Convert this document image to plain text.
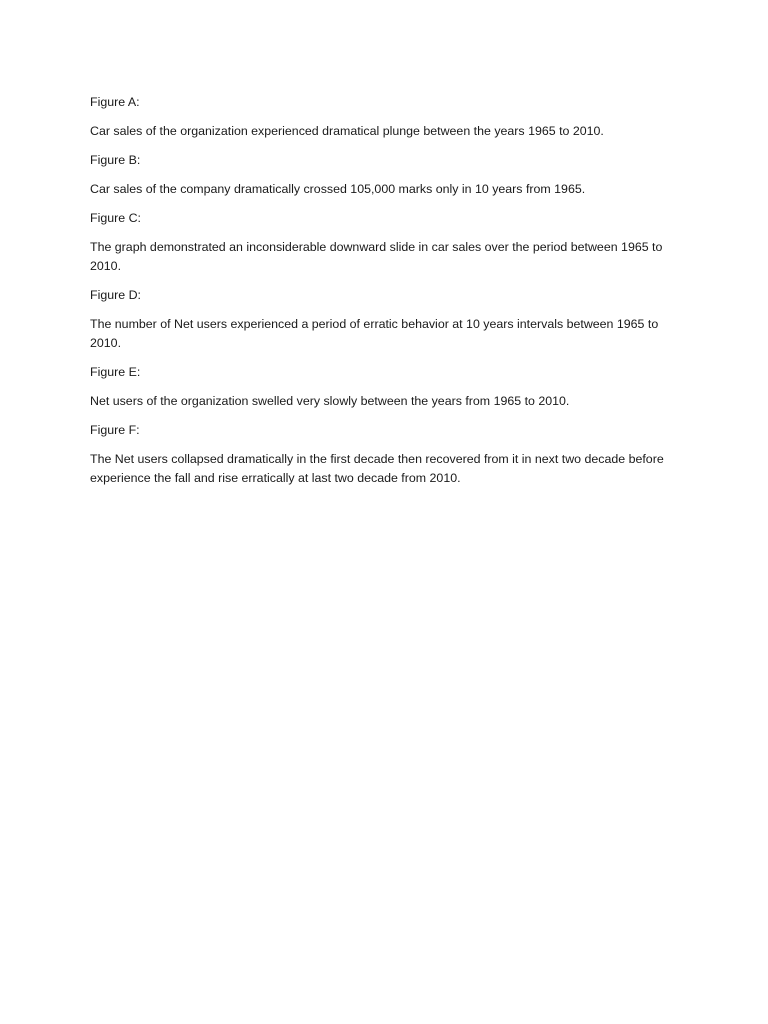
Figure A:

Car sales of the organization experienced dramatical plunge between the years 1965 to 2010.

Figure B:

Car sales of the company dramatically crossed 105,000 marks only in 10 years from 1965.

Figure C:

The graph demonstrated an inconsiderable downward slide in car sales over the period between 1965 to 2010.

Figure D:

The number of Net users experienced a period of erratic behavior at 10 years intervals between 1965 to 2010.

Figure E:

Net users of the organization swelled very slowly between the years from 1965 to 2010.

Figure F:

The Net users collapsed dramatically in the first decade then recovered from it in next two decade before experience the fall and rise erratically at last two decade from 2010.
